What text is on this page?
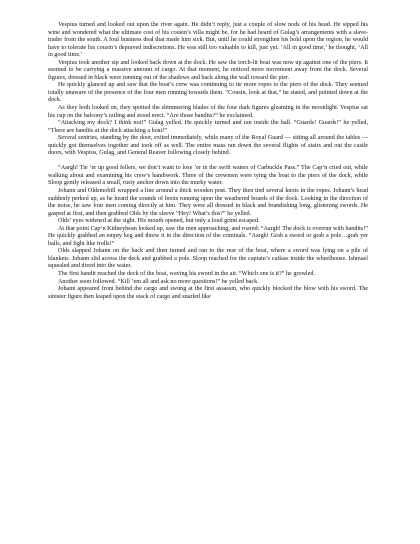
Vespius turned and looked out upon the river again. He didn’t reply, just a couple of slow nods of his head. He sipped his wine and wondered what the ultimate cost of his cousin’s villa might be, for he had heard of Gulag’s arrangements with a slave-trader from the south. A foul business deal that made him sick. But, until he could strengthen his hold upon the region, he would have to tolerate his cousin’s depraved indiscretions. He was still too valuable to kill, just yet. ‘All in good time,’ he thought, ‘All in good time.’

Vespius took another sip and looked back down at the dock. He saw the torch-lit boat was now up against one of the piers. It seemed to be carrying a massive amount of cargo. At that moment, he noticed more movement away from the dock. Several figures, dressed in black were running out of the shadows and back along the wall toward the pier.

He quickly glanced up and saw that the boat’s crew was continuing to tie more ropes to the piers of the dock. They seemed totally unaware of the presence of the four men running towards them. “Cousin, look at that,” he stated, and pointed down at the dock.

As they both looked on, they spotted the shimmering blades of the four dark figures gleaming in the moonlight. Vespius sat his cup on the balcony’s railing and stood erect. “Are those bandits?” he exclaimed.

“Attacking my dock? I think not!” Gulag yelled. He quickly turned and ran inside the hall. “Guards! Guards!” he yelled, “There are bandits at the dock attacking a boat!”

Several sentries, standing by the door, exited immediately, while many of the Royal Guard — sitting all around the tables — quickly got themselves together and took off as well. The entire mass ran down the several flights of stairs and out the castle doors, with Vespius, Gulag, and General Reaver following closely behind.

“Aargh! Tie ’er up good fellers, we don’t want to lose ’er in the swift waters of Carbuckle Pass.” The Cap’n cried out, while walking about and examining his crew’s handiwork. Three of the crewmen were tying the boat to the piers of the dock, while Sloop gently released a small, rusty anchor down into the murky water.

Johann and Oldsmobill wrapped a line around a thick wooden post. They then tied several knots in the ropes. Johann’s head suddenly perked up, as he heard the sounds of boots running upon the weathered boards of the dock. Looking in the direction of the noise, he saw four men coming directly at him. They were all dressed in black and brandishing long, glistening swords. He gasped at first, and then grabbed Olds by the sleeve “Hey! What’s this?” he yelled.

Olds’ eyes widened at the sight. His mouth opened, but only a loud grunt escaped.

At that point Cap’n Kidneybean looked up, saw the men approaching, and roared: “Aargh! The dock is overrun with bandits!” He quickly grabbed an empty keg and threw it in the direction of the criminals. “Aargh! Grab a sword or grab a pole…grab yer balls, and fight like trolls!”

Olds slapped Johann on the back and then turned and ran to the rear of the boat, where a sword was lying on a pile of blankets. Johann slid across the deck and grabbed a pole. Sloop reached for the captain’s cutlass inside the wheelhouse. Ishmael squealed and dived into the water.

The first bandit reached the deck of the boat, waving his sword in the air. “Which one is it?” he growled.

Another soon followed. “Kill ’em all and ask no more questions!” he yelled back.

Johann appeared from behind the cargo and swung at the first assassin, who quickly blocked the blow with his sword. The sinister figure then leaped upon the stack of cargo and snarled like
